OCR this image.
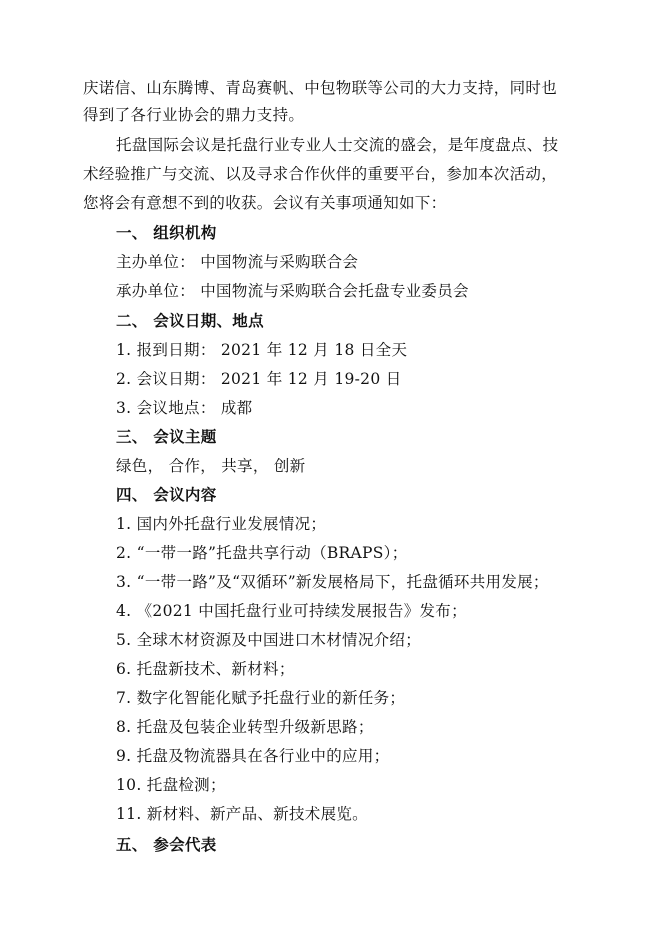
庆诺信、山东腾博、青岛赛帆、中包物联等公司的大力支持，同时也
得到了各行业协会的鼎力支持。
托盘国际会议是托盘行业专业人士交流的盛会，是年度盘点、技
术经验推广与交流、以及寻求合作伙伴的重要平台，参加本次活动，
您将会有意想不到的收获。会议有关事项通知如下：
一、 组织机构
主办单位： 中国物流与采购联合会
承办单位： 中国物流与采购联合会托盘专业委员会
二、 会议日期、地点
1. 报到日期： 2021 年 12 月 18 日全天
2. 会议日期： 2021 年 12 月 19-20 日
3. 会议地点： 成都
三、 会议主题
绿色， 合作， 共享， 创新
四、 会议内容
1. 国内外托盘行业发展情况；
2. “一带一路”托盘共享行动（BRAPS）；
3. “一带一路”及“双循环”新发展格局下，托盘循环共用发展；
4. 《2021 中国托盘行业可持续发展报告》发布；
5. 全球木材资源及中国进口木材情况介绍；
6. 托盘新技术、新材料；
7. 数字化智能化赋予托盘行业的新任务；
8. 托盘及包装企业转型升级新思路；
9. 托盘及物流器具在各行业中的应用；
10. 托盘检测；
11. 新材料、新产品、新技术展览。
五、 参会代表
